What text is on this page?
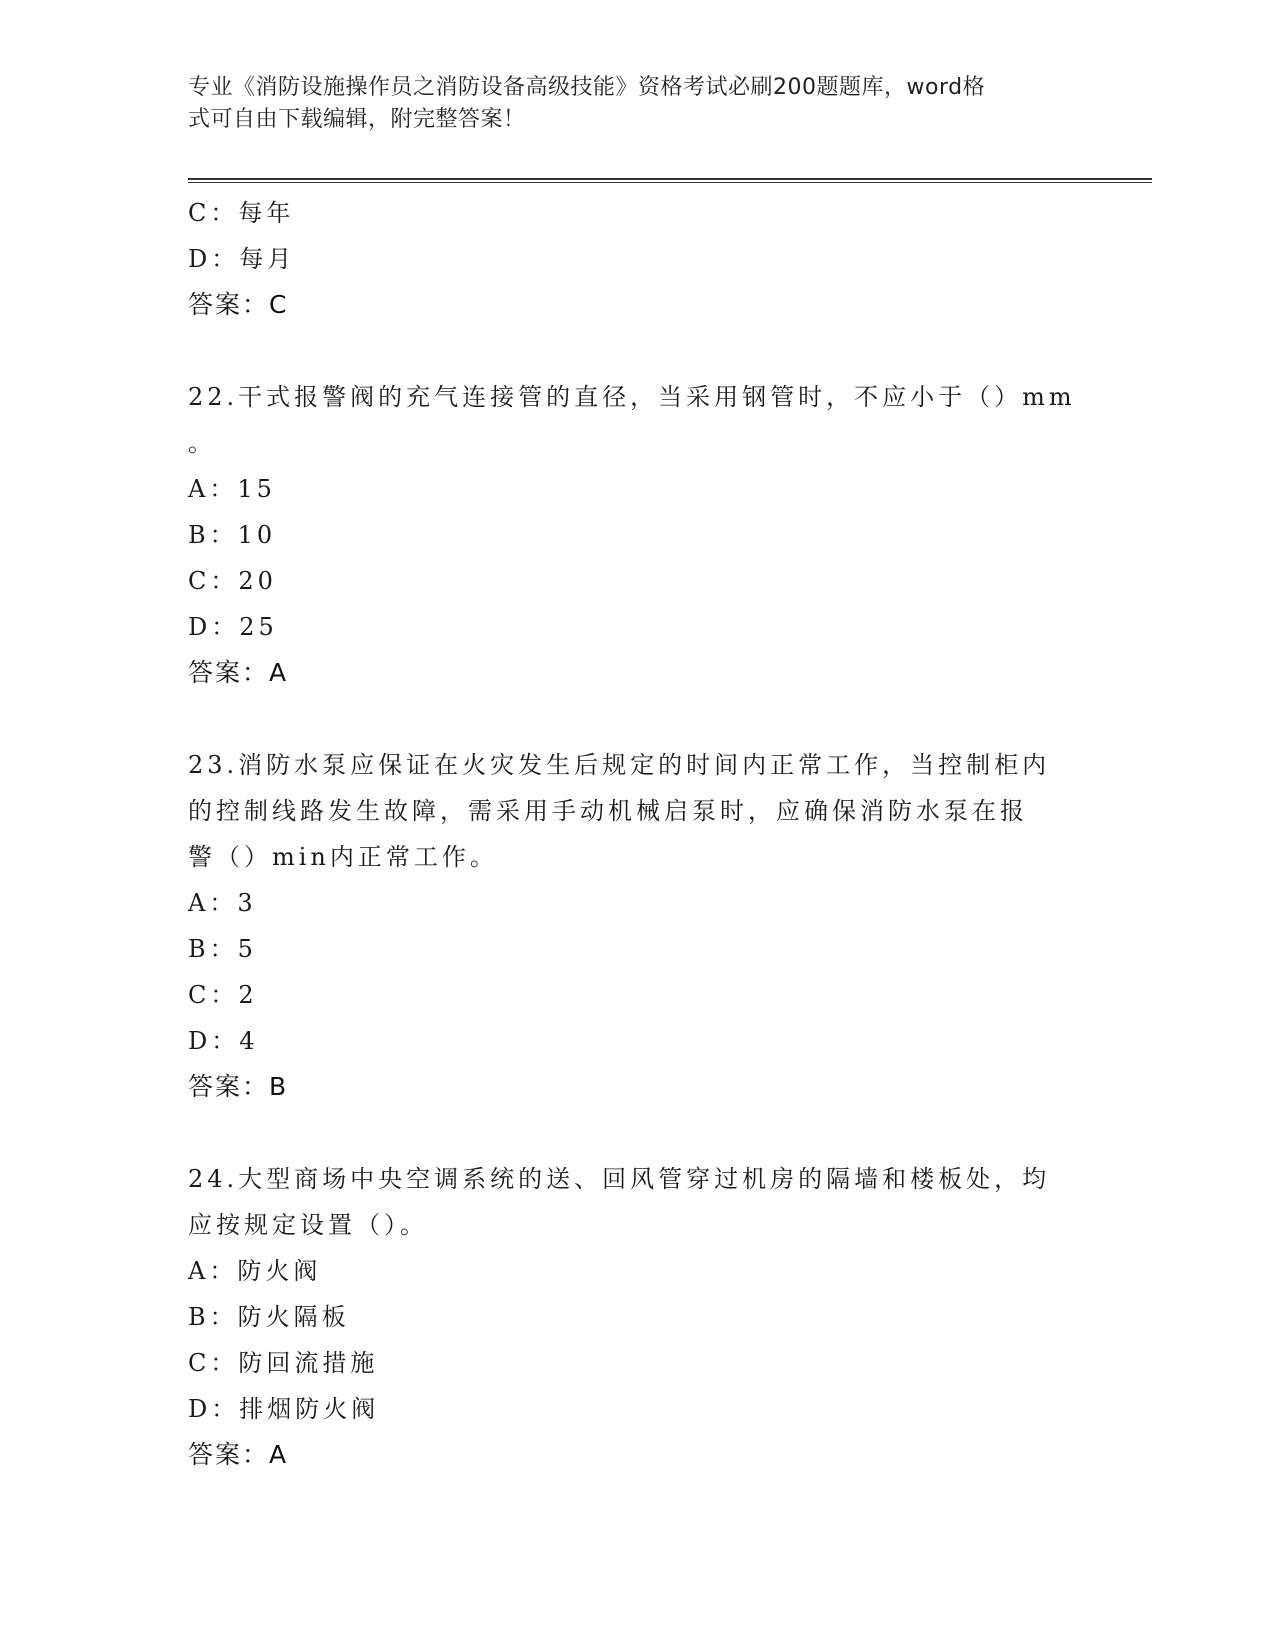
专业《消防设施操作员之消防设备高级技能》资格考试必刷200题题库，word格
式可自由下载编辑，附完整答案！
C：每年
D：每月
答案：C
22.干式报警阀的充气连接管的直径，当采用钢管时，不应小于（）mm
。
A：15
B：10
C：20
D：25
答案：A
23.消防水泵应保证在火灾发生后规定的时间内正常工作，当控制柜内
的控制线路发生故障，需采用手动机械启泵时，应确保消防水泵在报
警（）min内正常工作。
A：3
B：5
C：2
D：4
答案：B
24.大型商场中央空调系统的送、回风管穿过机房的隔墙和楼板处，均
应按规定设置（）。
A：防火阀
B：防火隔板
C：防回流措施
D：排烟防火阀
答案：A
